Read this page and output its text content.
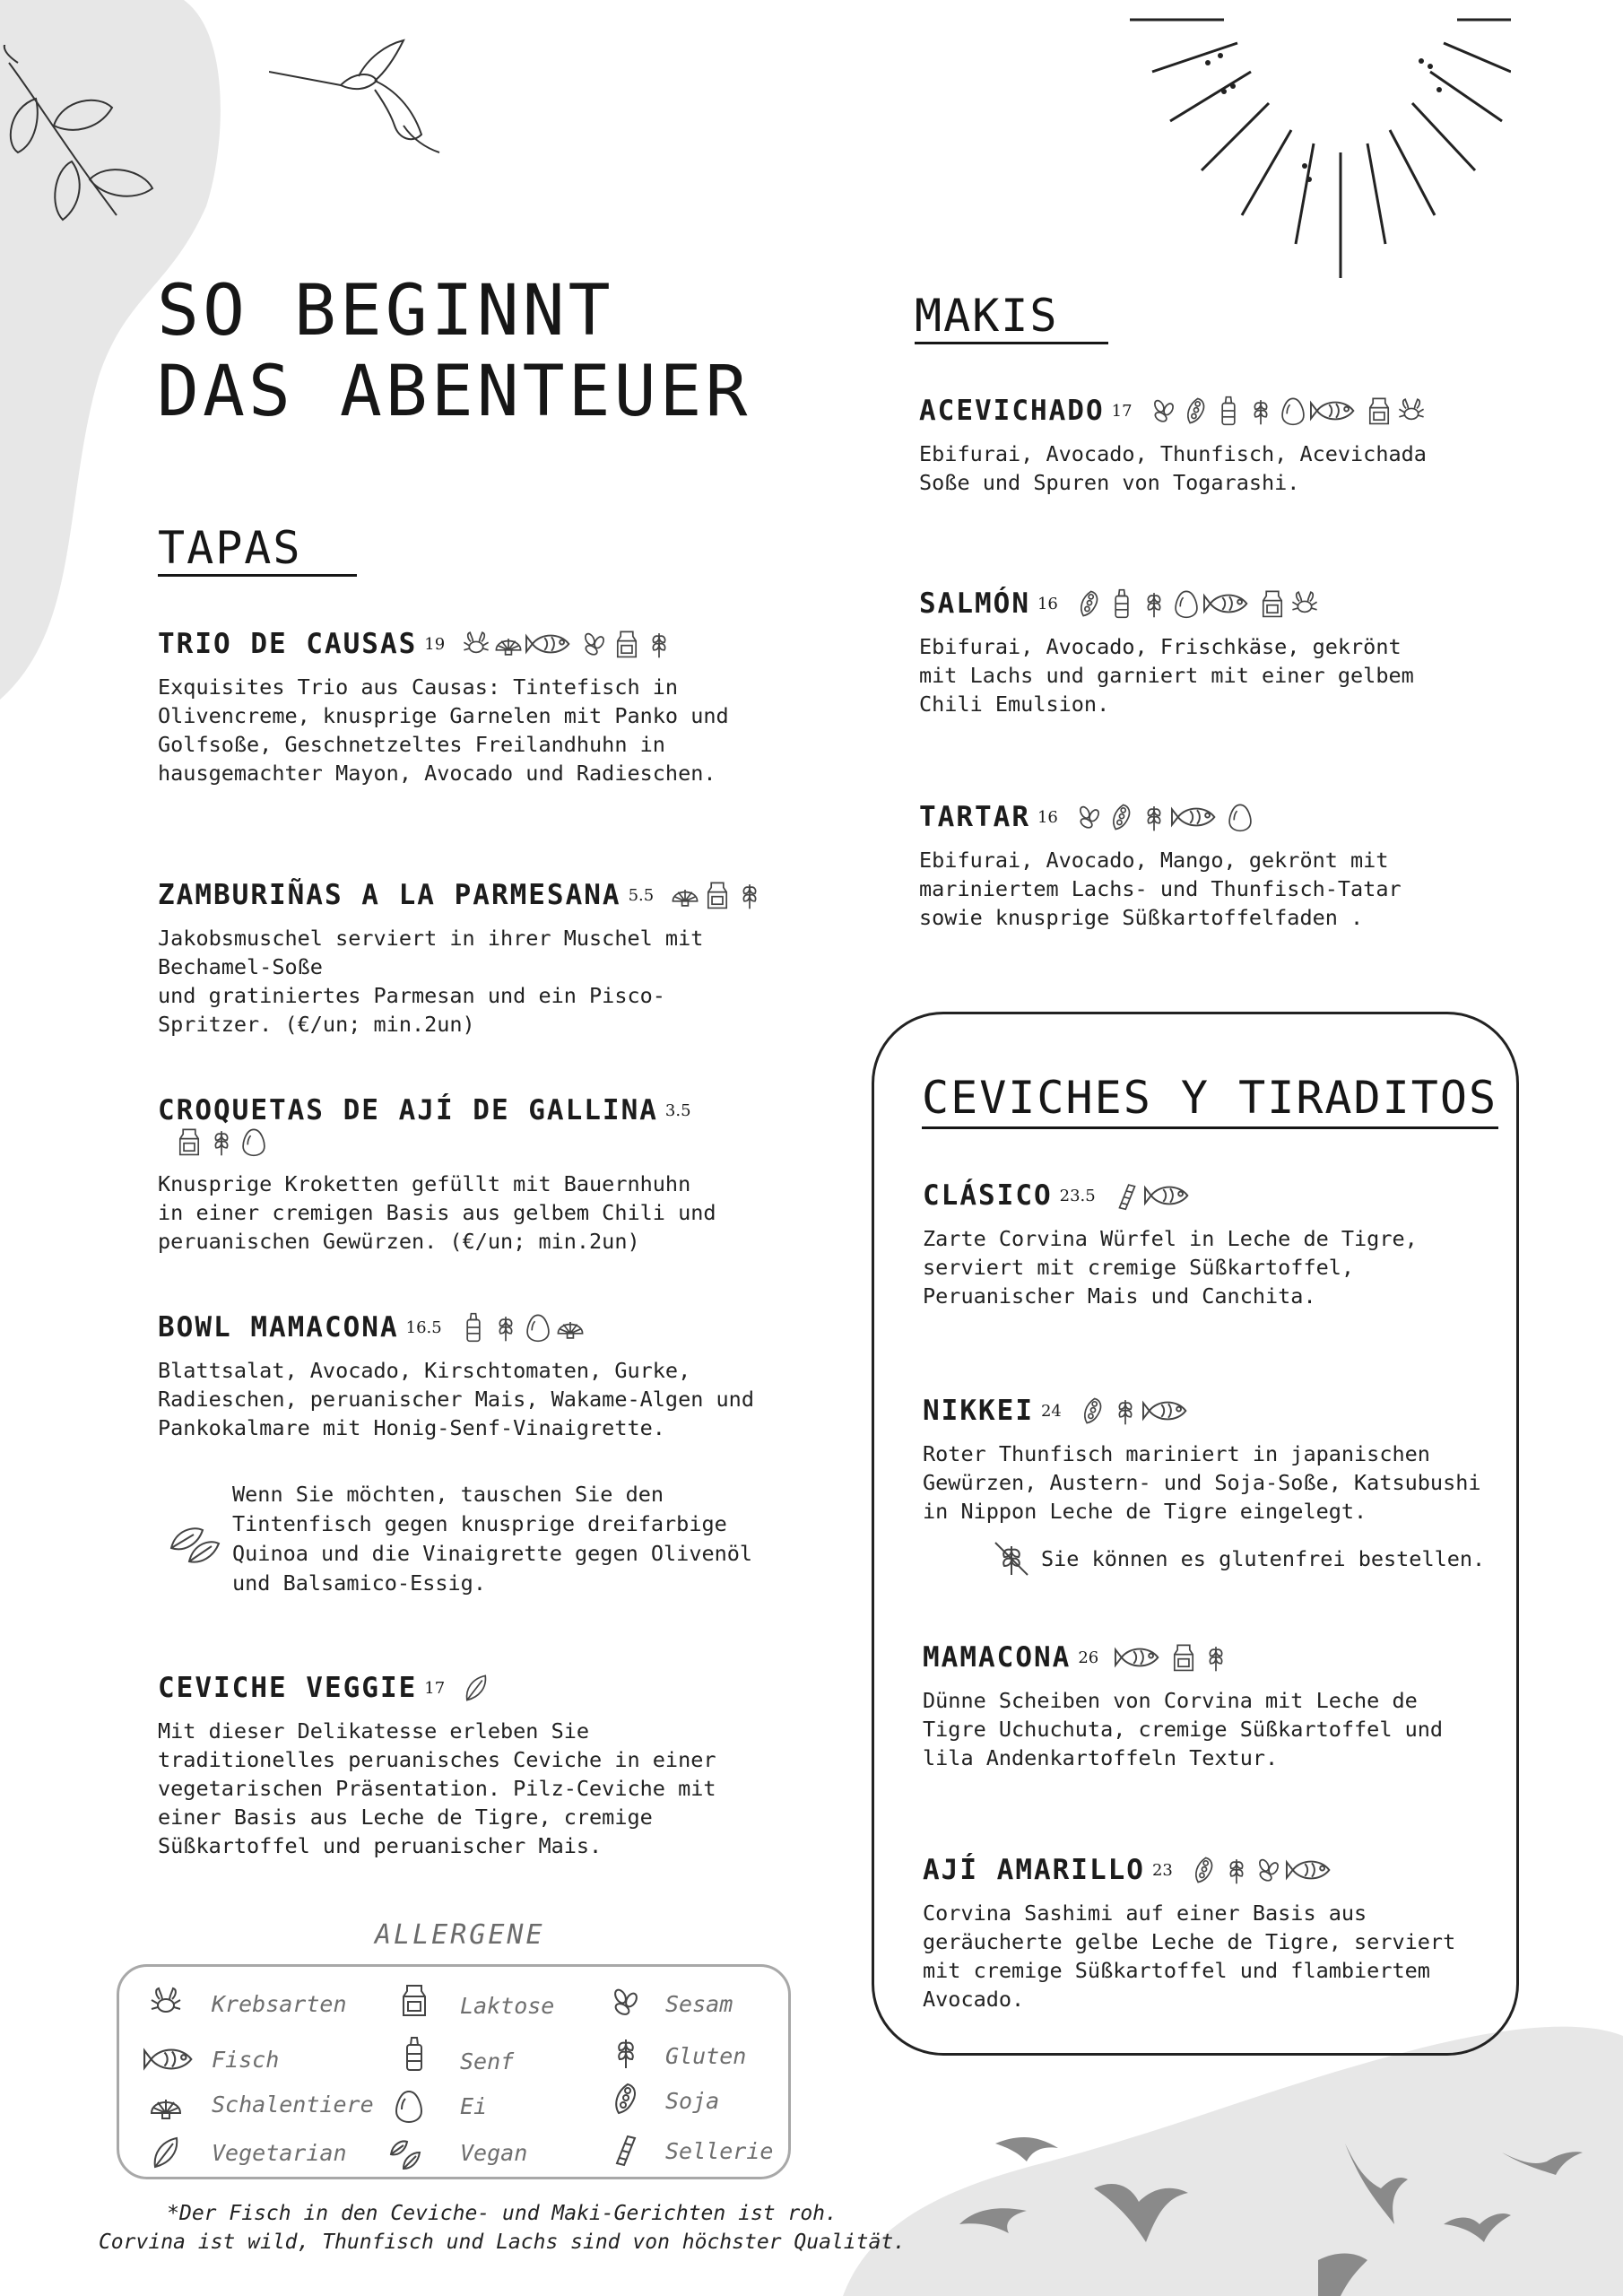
SO BEGINNT
DAS ABENTEUER
TAPAS
TRIO DE CAUSAS 19
Exquisites Trio aus Causas: Tintefisch in
Olivencreme, knusprige Garnelen mit Panko und
Golfsoße, Geschnetzeltes Freilandhuhn in
hausgemachter Mayon, Avocado und Radieschen.
ZAMBURIÑAS A LA PARMESANA 5.5
Jakobsmuschel serviert in ihrer Muschel mit
Bechamel-Soße
und gratiniertes Parmesan und ein Pisco-
Spritzer. (€/un; min.2un)
CROQUETAS DE AJÍ DE GALLINA 3.5
Knusprige Kroketten gefüllt mit Bauernhuhn
in einer cremigen Basis aus gelbem Chili und
peruanischen Gewürzen. (€/un; min.2un)
BOWL MAMACONA 16.5
Blattsalat, Avocado, Kirschtomaten, Gurke,
Radieschen, peruanischer Mais, Wakame-Algen und
Pankokalmare mit Honig-Senf-Vinaigrette.
Wenn Sie möchten, tauschen Sie den
Tintenfisch gegen knusprige dreifarbige
Quinoa und die Vinaigrette gegen Olivenöl
und Balsamico-Essig.
CEVICHE VEGGIE 17
Mit dieser Delikatesse erleben Sie
traditionelles peruanisches Ceviche in einer
vegetarischen Präsentation. Pilz-Ceviche mit
einer Basis aus Leche de Tigre, cremige
Süßkartoffel und peruanischer Mais.
MAKIS
ACEVICHADO 17
Ebifurai, Avocado, Thunfisch, Acevichada
Soße und Spuren von Togarashi.
SALMÓN 16
Ebifurai, Avocado, Frischkäse, gekrönt
mit Lachs und garniert mit einer gelbem
Chili Emulsion.
TARTAR 16
Ebifurai, Avocado, Mango, gekrönt mit
mariniertem Lachs- und Thunfisch-Tatar
sowie knusprige Süßkartoffelfaden .
CEVICHES Y TIRADITOS
CLÁSICO 23.5
Zarte Corvina Würfel in Leche de Tigre,
serviert mit cremige Süßkartoffel,
Peruanischer Mais und Canchita.
NIKKEI 24
Roter Thunfisch mariniert in japanischen
Gewürzen, Austern- und Soja-Soße, Katsubushi
in Nippon Leche de Tigre eingelegt.
Sie können es glutenfrei bestellen.
MAMACONA 26
Dünne Scheiben von Corvina mit Leche de
Tigre Uchuchuta, cremige Süßkartoffel und
lila Andenkartoffeln Textur.
AJÍ AMARILLO 23
Corvina Sashimi auf einer Basis aus
geräucherte gelbe Leche de Tigre, serviert
mit cremige Süßkartoffel und flambiertem
Avocado.
ALLERGENE
Krebsarten
Fisch
Schalentiere
Vegetarian
Laktose
Senf
Ei
Vegan
Sesam
Gluten
Soja
Sellerie
*Der Fisch in den Ceviche- und Maki-Gerichten ist roh.
Corvina ist wild, Thunfisch und Lachs sind von höchster Qualität.
